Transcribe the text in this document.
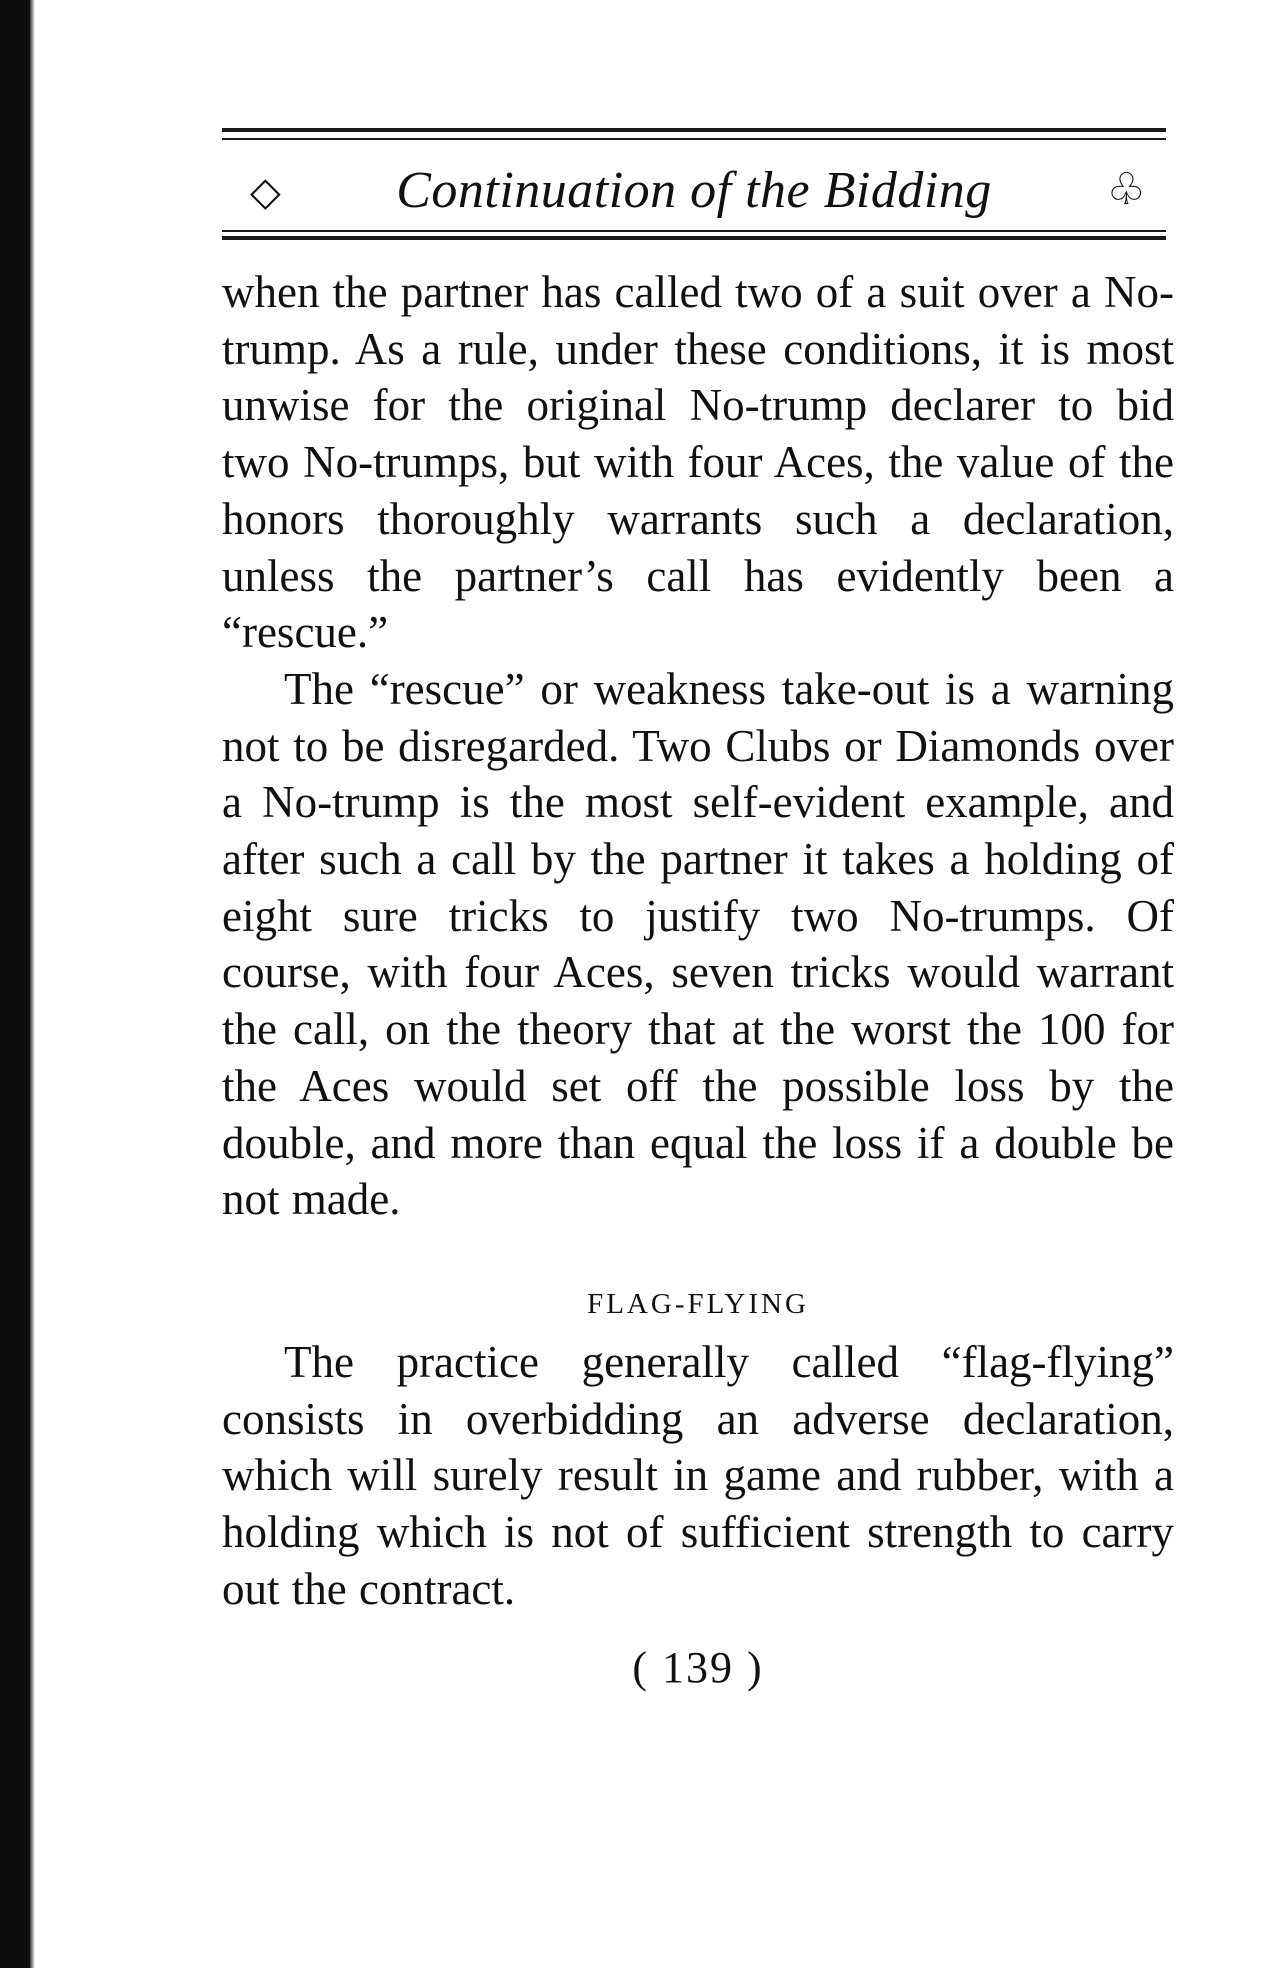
◇	Continuation of the Bidding	♧

when the partner has called two of a suit over a No-trump. As a rule, under these conditions, it is most unwise for the original No-trump declarer to bid two No-trumps, but with four Aces, the value of the honors thoroughly warrants such a declaration, unless the partner’s call has evidently been a “rescue.”

The “rescue” or weakness take-out is a warning not to be disregarded. Two Clubs or Diamonds over a No-trump is the most self-evident example, and after such a call by the partner it takes a holding of eight sure tricks to justify two No-trumps. Of course, with four Aces, seven tricks would warrant the call, on the theory that at the worst the 100 for the Aces would set off the possible loss by the double, and more than equal the loss if a double be not made.

FLAG-FLYING

The practice generally called “flag-flying” consists in overbidding an adverse declaration, which will surely result in game and rubber, with a holding which is not of sufficient strength to carry out the contract.

( 139 )
